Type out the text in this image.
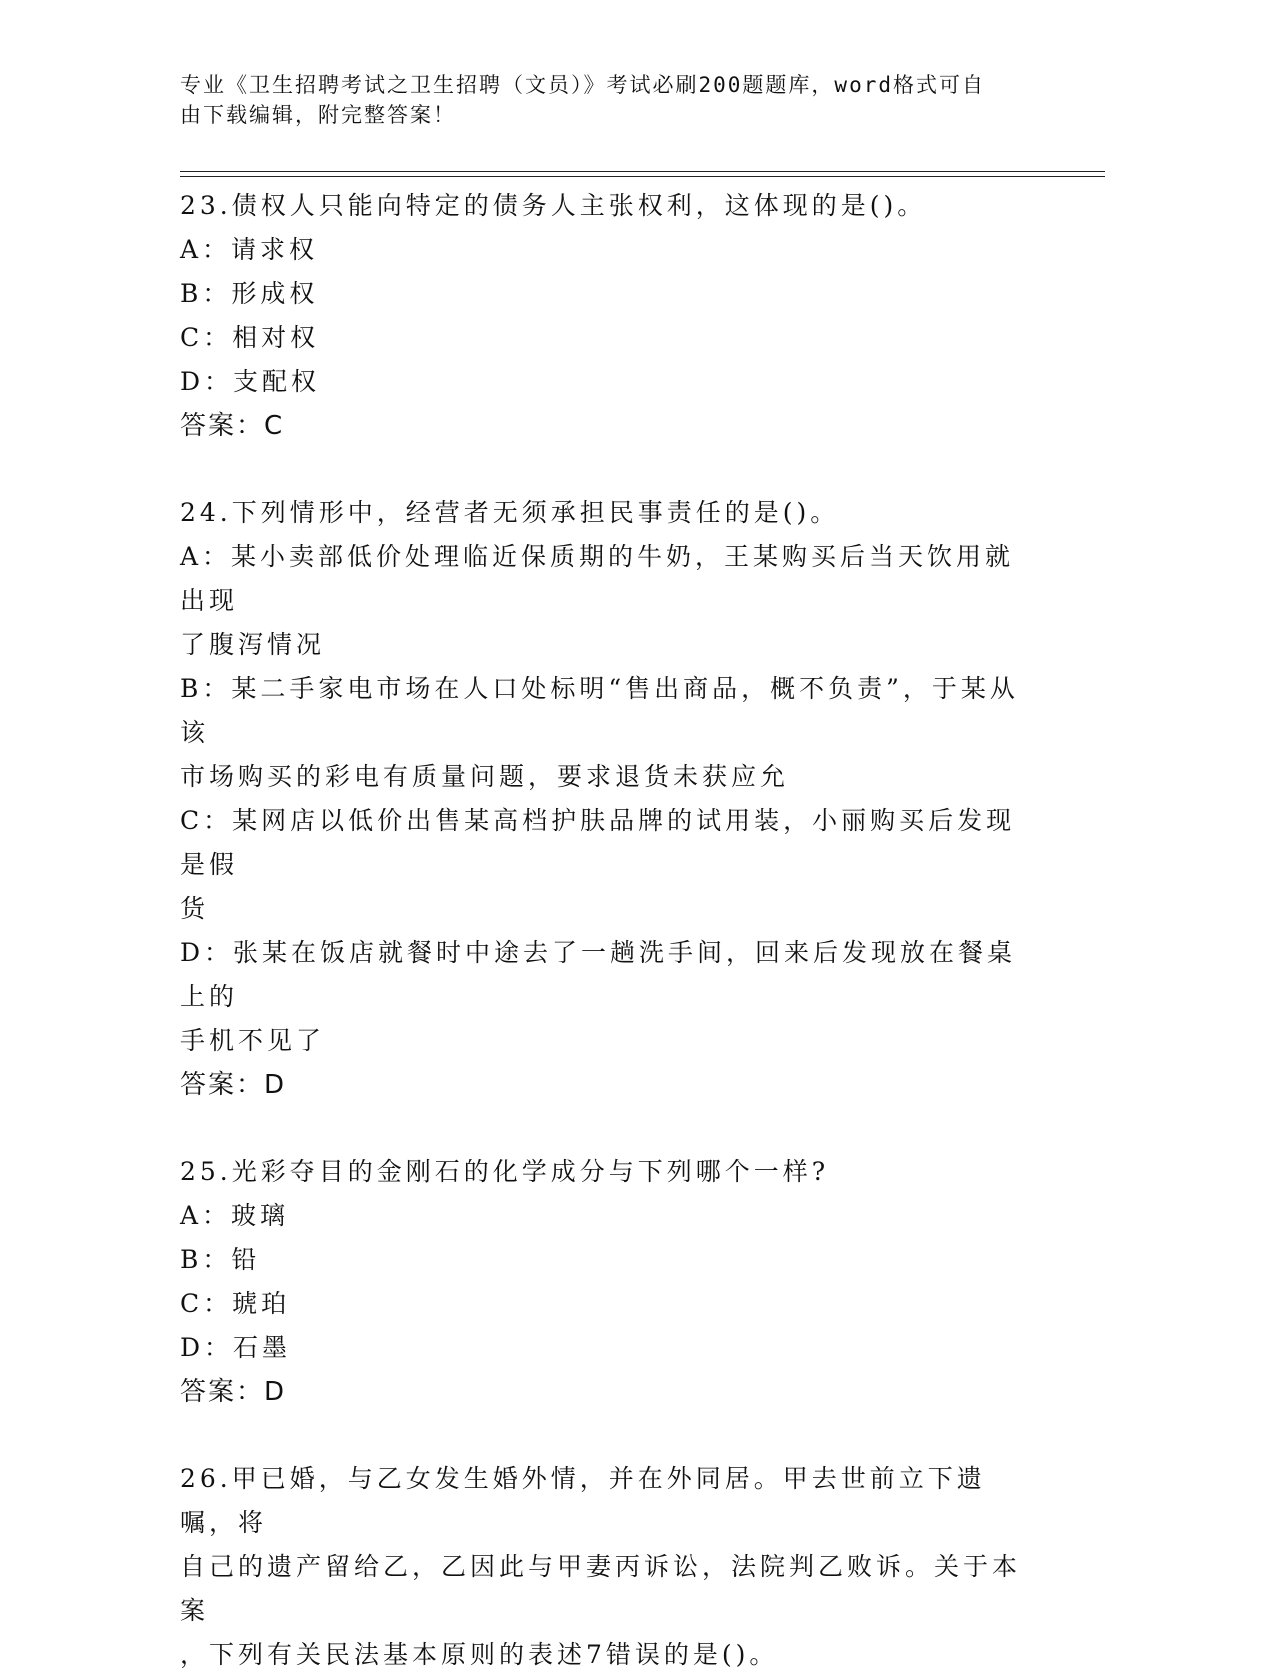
专业《卫生招聘考试之卫生招聘（文员）》考试必刷200题题库，word格式可自
由下载编辑，附完整答案！
23.债权人只能向特定的债务人主张权利，这体现的是()。
A：请求权
B：形成权
C：相对权
D：支配权
答案：C
24.下列情形中，经营者无须承担民事责任的是()。
A：某小卖部低价处理临近保质期的牛奶，王某购买后当天饮用就出现
了腹泻情况
B：某二手家电市场在人口处标明“售出商品，概不负责”，于某从该
市场购买的彩电有质量问题，要求退货未获应允
C：某网店以低价出售某高档护肤品牌的试用装，小丽购买后发现是假
货
D：张某在饭店就餐时中途去了一趟洗手间，回来后发现放在餐桌上的
手机不见了
答案：D
25.光彩夺目的金刚石的化学成分与下列哪个一样?
A：玻璃
B：铅
C：琥珀
D：石墨
答案：D
26.甲已婚，与乙女发生婚外情，并在外同居。甲去世前立下遗嘱，将
自己的遗产留给乙，乙因此与甲妻丙诉讼，法院判乙败诉。关于本案
，下列有关民法基本原则的表述7错误的是()。
